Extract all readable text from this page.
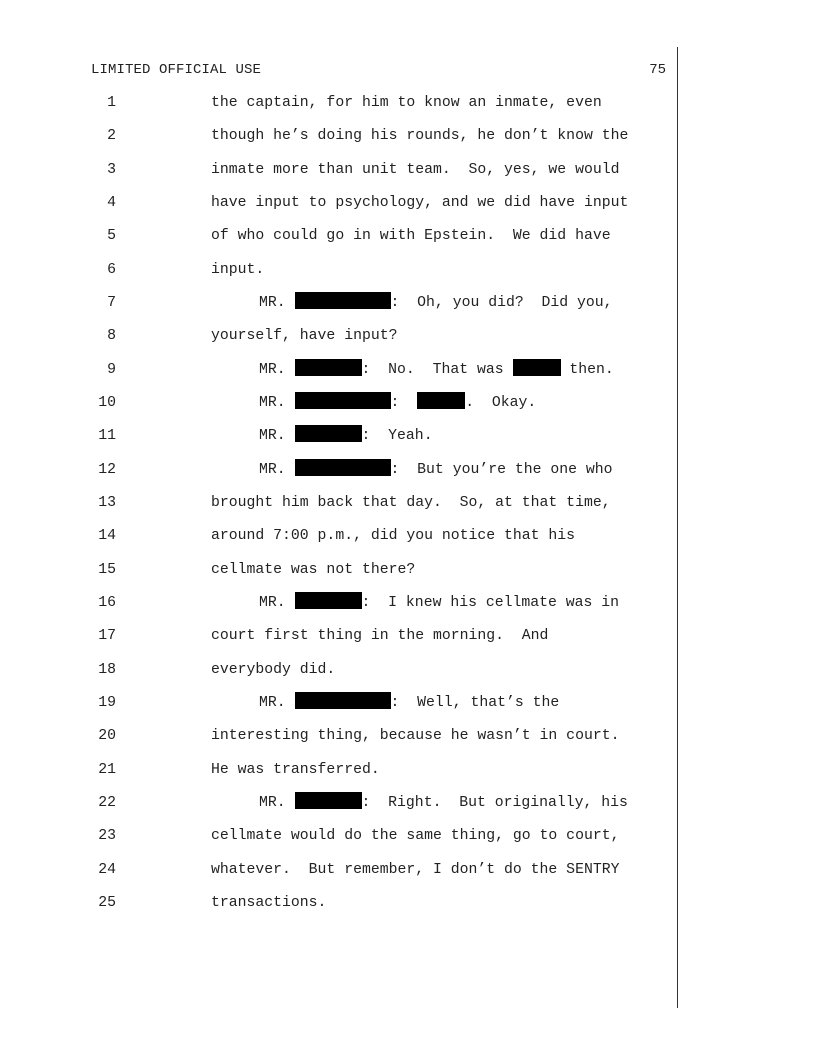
LIMITED OFFICIAL USE	75

1

	the captain, for him to know an inmate, even

2

	though he’s doing his rounds, he don’t know the

3

	inmate more than unit team.  So, yes, we would

4

	have input to psychology, and we did have input

5

	of who could go in with Epstein.  We did have

6

	input.

7

	MR.	:  Oh, you did?  Did you,

8

	yourself, have input?

9

	MR.	:  No.  That was	then.

10

	MR.	:	.  Okay.

11

	MR.	:  Yeah.

12

	MR.	:  But you’re the one who

13

	brought him back that day.  So, at that time,

14

	around 7:00 p.m., did you notice that his

15

	cellmate was not there?

16

	MR.	:  I knew his cellmate was in

17

	court first thing in the morning.  And

18

	everybody did.

19

	MR.	:  Well, that’s the

20

	interesting thing, because he wasn’t in court.

21

	He was transferred.

22

	MR.	:  Right.  But originally, his

23

	cellmate would do the same thing, go to court,

24

	whatever.  But remember, I don’t do the SENTRY

25

	transactions.
